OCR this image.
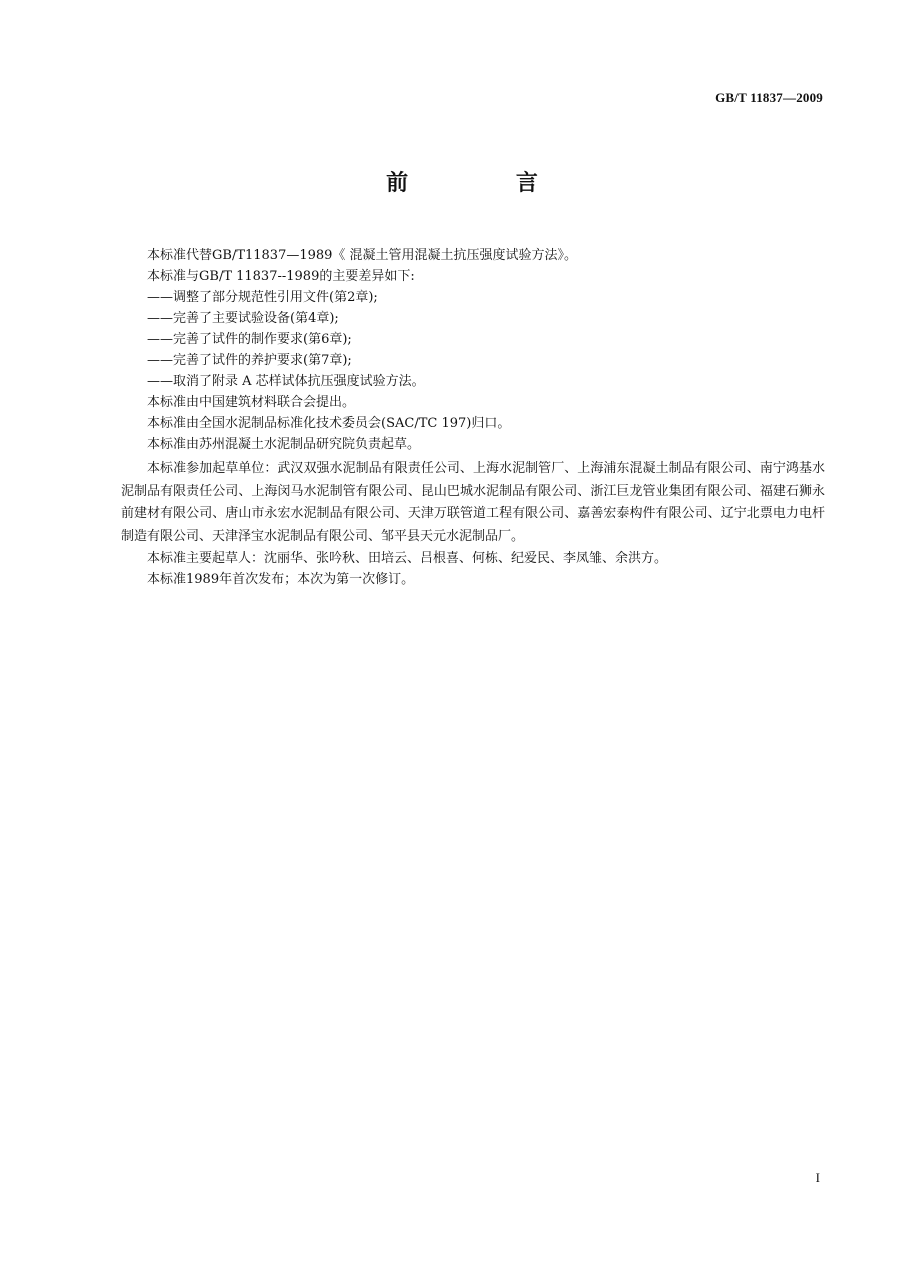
GB/T 11837—2009
前 言

本标准代替GB/T11837—1989《 混凝土管用混凝土抗压强度试验方法》。

本标准与GB/T 11837--1989的主要差异如下:

——调整了部分规范性引用文件(第2章);

——完善了主要试验设备(第4章);

——完善了试件的制作要求(第6章);

——完善了试件的养护要求(第7章);

——取消了附录 A 芯样试体抗压强度试验方法。

本标准由中国建筑材料联合会提出。

本标准由全国水泥制品标准化技术委员会(SAC/TC 197)归口。

本标准由苏州混凝土水泥制品研究院负责起草。

本标准参加起草单位：武汉双强水泥制品有限责任公司、上海水泥制管厂、上海浦东混凝土制品有限公司、南宁鸿基水泥制品有限责任公司、上海闵马水泥制管有限公司、昆山巴城水泥制品有限公司、浙江巨龙管业集团有限公司、福建石狮永前建材有限公司、唐山市永宏水泥制品有限公司、天津万联管道工程有限公司、嘉善宏泰构件有限公司、辽宁北票电力电杆制造有限公司、天津泽宝水泥制品有限公司、邹平县天元水泥制品厂。

本标准主要起草人：沈丽华、张吟秋、田培云、吕根喜、何栋、纪爱民、李凤雏、余洪方。

本标准1989年首次发布；本次为第一次修订。

I
